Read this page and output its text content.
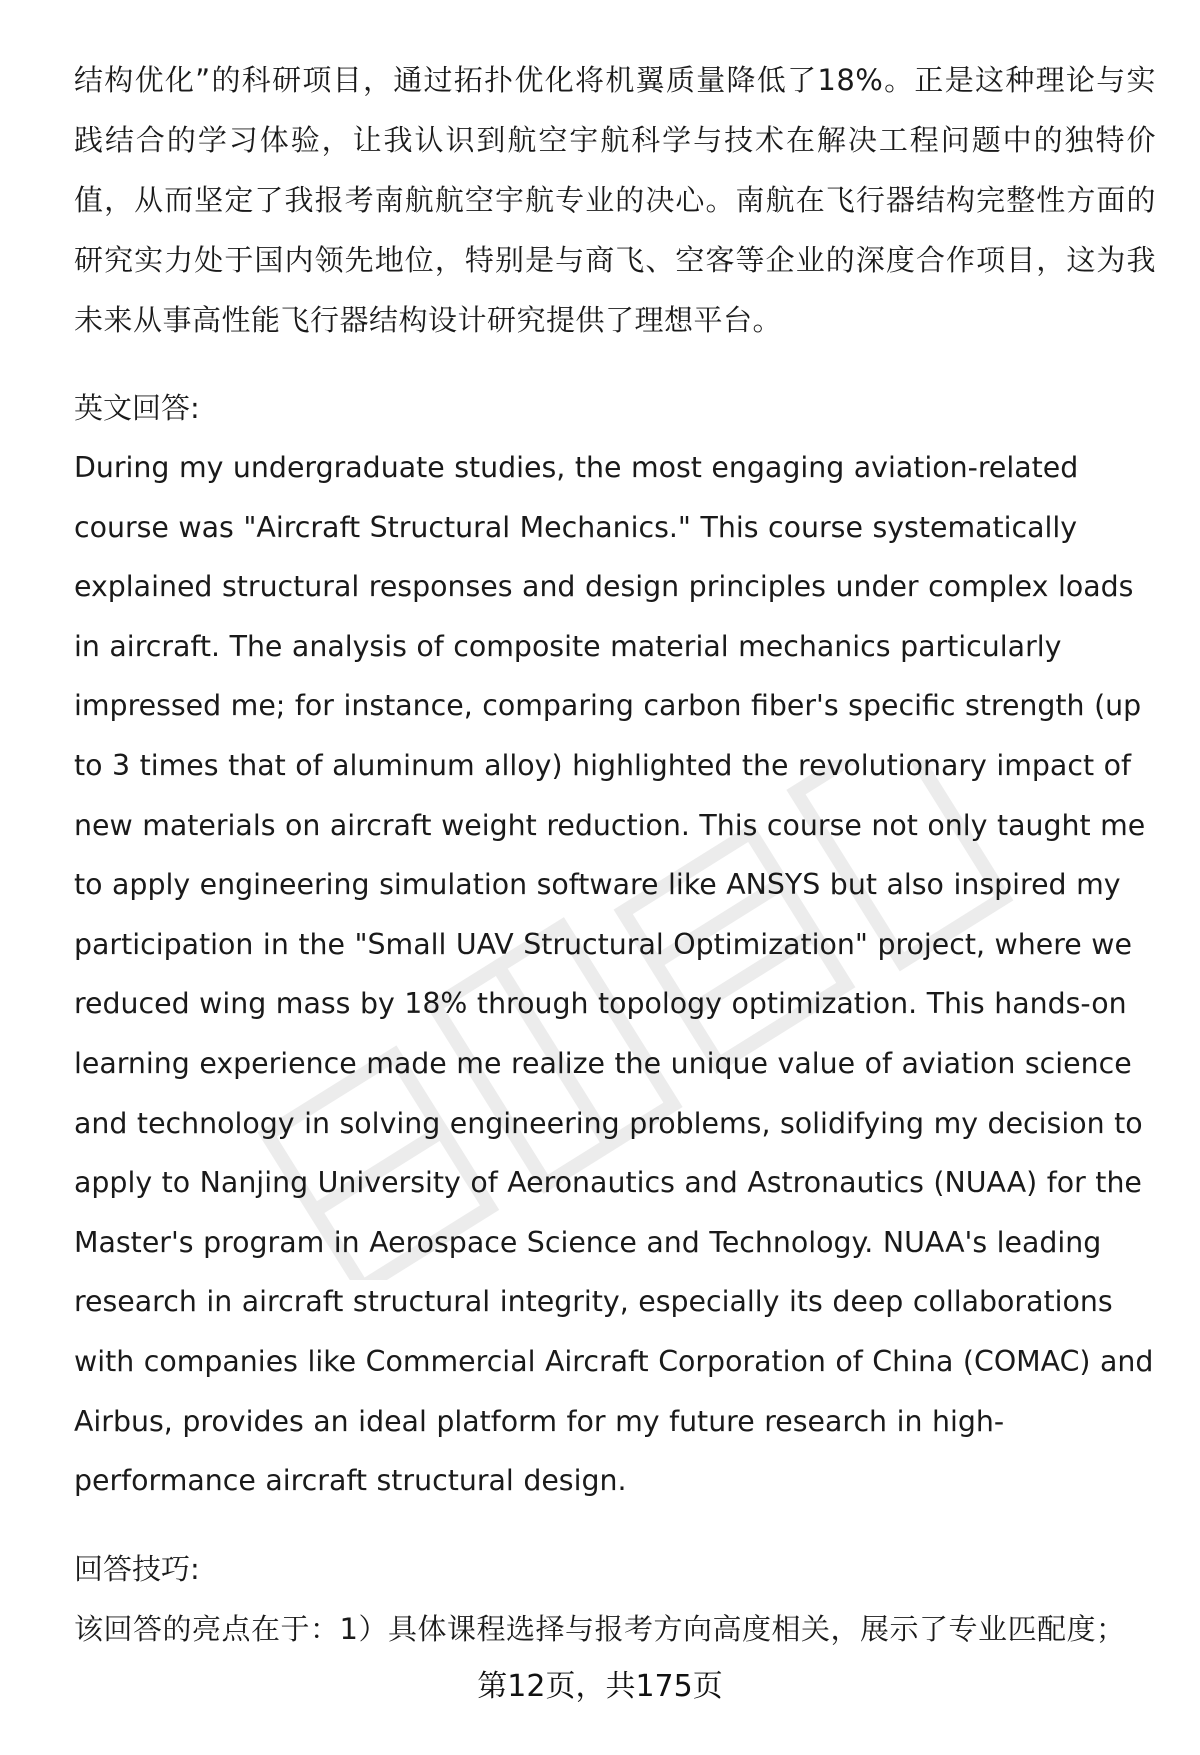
结构优化”的科研项目，通过拓扑优化将机翼质量降低了18%。正是这种理论与实践结合的学习体验，让我认识到航空宇航科学与技术在解决工程问题中的独特价值，从而坚定了我报考南航航空宇航专业的决心。南航在飞行器结构完整性方面的研究实力处于国内领先地位，特别是与商飞、空客等企业的深度合作项目，这为我未来从事高性能飞行器结构设计研究提供了理想平台。

英文回答:

During my undergraduate studies, the most engaging aviation-related course was "Aircraft Structural Mechanics." This course systematically explained structural responses and design principles under complex loads in aircraft. The analysis of composite material mechanics particularly impressed me; for instance, comparing carbon fiber's specific strength (up to 3 times that of aluminum alloy) highlighted the revolutionary impact of new materials on aircraft weight reduction. This course not only taught me to apply engineering simulation software like ANSYS but also inspired my participation in the "Small UAV Structural Optimization" project, where we reduced wing mass by 18% through topology optimization. This hands-on learning experience made me realize the unique value of aviation science and technology in solving engineering problems, solidifying my decision to apply to Nanjing University of Aeronautics and Astronautics (NUAA) for the Master's program in Aerospace Science and Technology. NUAA's leading research in aircraft structural integrity, especially its deep collaborations with companies like Commercial Aircraft Corporation of China (COMAC) and Airbus, provides an ideal platform for my future research in high-performance aircraft structural design.

回答技巧:

该回答的亮点在于：1）具体课程选择与报考方向高度相关，展示了专业匹配度；

第12页，共175页
